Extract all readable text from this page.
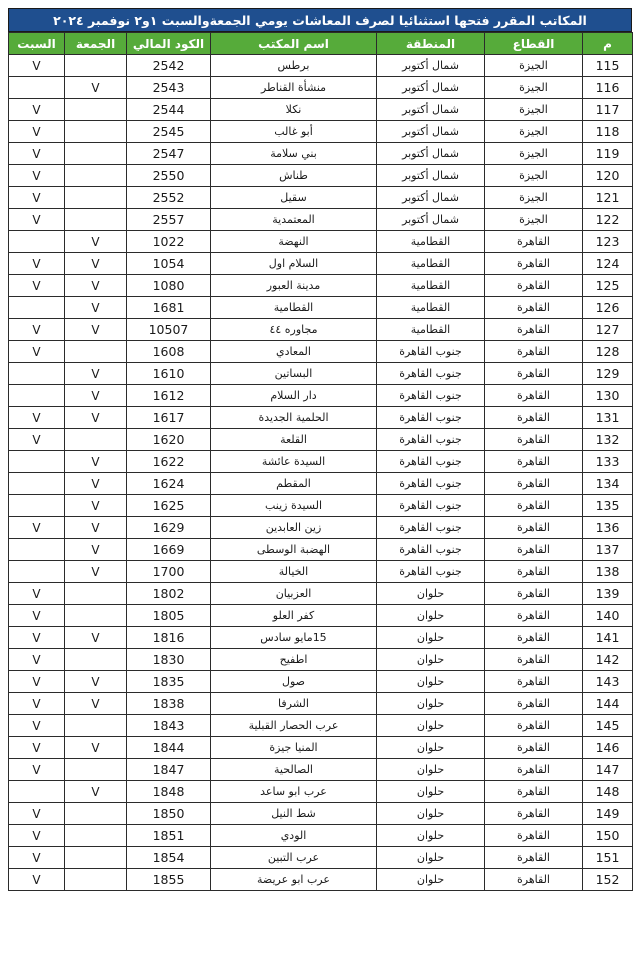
المكاتب المقرر فتحها استثنائيا لصرف المعاشات يومي الجمعةوالسبت ١و٢ نوفمبر ٢٠٢٤
السبت	الجمعة	الكود المالي	اسم المكتب	المنطقة	القطاع	م
V		2542	برطس	شمال أكتوبر	الجيزة	115
	V	2543	منشأة القناطر	شمال أكتوبر	الجيزة	116
V		2544	نكلا	شمال أكتوبر	الجيزة	117
V		2545	أبو غالب	شمال أكتوبر	الجيزة	118
V		2547	بني سلامة	شمال أكتوبر	الجيزة	119
V		2550	طناش	شمال أكتوبر	الجيزة	120
V		2552	سقيل	شمال أكتوبر	الجيزة	121
V		2557	المعتمدية	شمال أكتوبر	الجيزة	122
	V	1022	النهضة	القطامية	القاهرة	123
V	V	1054	السلام اول	القطامية	القاهرة	124
V	V	1080	مدينة العبور	القطامية	القاهرة	125
	V	1681	القطامية	القطامية	القاهرة	126
V	V	10507	مجاوره ٤٤	القطامية	القاهرة	127
V		1608	المعادي	جنوب القاهرة	القاهرة	128
	V	1610	البساتين	جنوب القاهرة	القاهرة	129
	V	1612	دار السلام	جنوب القاهرة	القاهرة	130
V	V	1617	الحلمية الجديدة	جنوب القاهرة	القاهرة	131
V		1620	القلعة	جنوب القاهرة	القاهرة	132
	V	1622	السيدة عائشة	جنوب القاهرة	القاهرة	133
	V	1624	المقطم	جنوب القاهرة	القاهرة	134
	V	1625	السيدة زينب	جنوب القاهرة	القاهرة	135
V	V	1629	زين العابدين	جنوب القاهرة	القاهرة	136
	V	1669	الهضبة الوسطى	جنوب القاهرة	القاهرة	137
	V	1700	الخيالة	جنوب القاهرة	القاهرة	138
V		1802	العزبيان	حلوان	القاهرة	139
V		1805	كفر العلو	حلوان	القاهرة	140
V	V	1816	15مايو سادس	حلوان	القاهرة	141
V		1830	اطفيح	حلوان	القاهرة	142
V	V	1835	صول	حلوان	القاهرة	143
V	V	1838	الشرفا	حلوان	القاهرة	144
V		1843	عرب الحصار القبلية	حلوان	القاهرة	145
V	V	1844	المنيا جيزة	حلوان	القاهرة	146
V		1847	الصالحية	حلوان	القاهرة	147
	V	1848	عرب ابو ساعد	حلوان	القاهرة	148
V		1850	شط النيل	حلوان	القاهرة	149
V		1851	الودي	حلوان	القاهرة	150
V		1854	عرب التبين	حلوان	القاهرة	151
V		1855	عرب ابو عريضة	حلوان	القاهرة	152
